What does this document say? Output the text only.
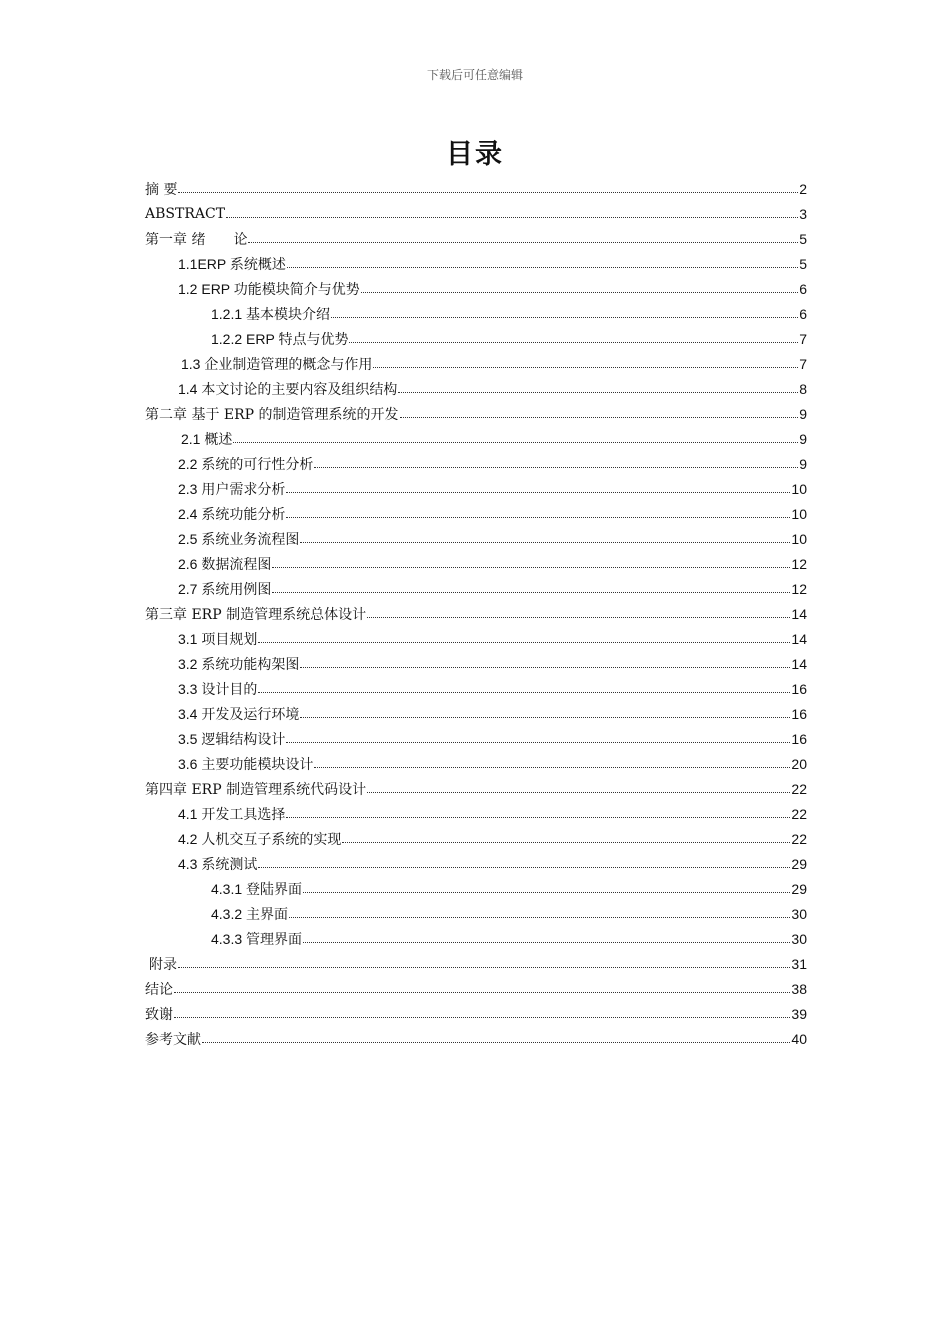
下载后可任意编辑
目录
摘 要	2
ABSTRACT	3
第一章 绪　　论	5
1.1ERP 系统概述	5
1.2 ERP 功能模块简介与优势	6
1.2.1 基本模块介绍	6
1.2.2 ERP 特点与优势	7
1.3 企业制造管理的概念与作用	7
1.4 本文讨论的主要内容及组织结构	8
第二章 基于 ERP 的制造管理系统的开发	9
2.1 概述	9
2.2 系统的可行性分析	9
2.3 用户需求分析	10
2.4 系统功能分析	10
2.5 系统业务流程图	10
2.6 数据流程图	12
2.7 系统用例图	12
第三章 ERP 制造管理系统总体设计	14
3.1 项目规划	14
3.2 系统功能构架图	14
3.3 设计目的	16
3.4 开发及运行环境	16
3.5 逻辑结构设计	16
3.6 主要功能模块设计	20
第四章 ERP 制造管理系统代码设计	22
4.1 开发工具选择	22
4.2 人机交互子系统的实现	22
4.3 系统测试	29
4.3.1 登陆界面	29
4.3.2 主界面	30
4.3.3 管理界面	30
附录	31
结论	38
致谢	39
参考文献	40
